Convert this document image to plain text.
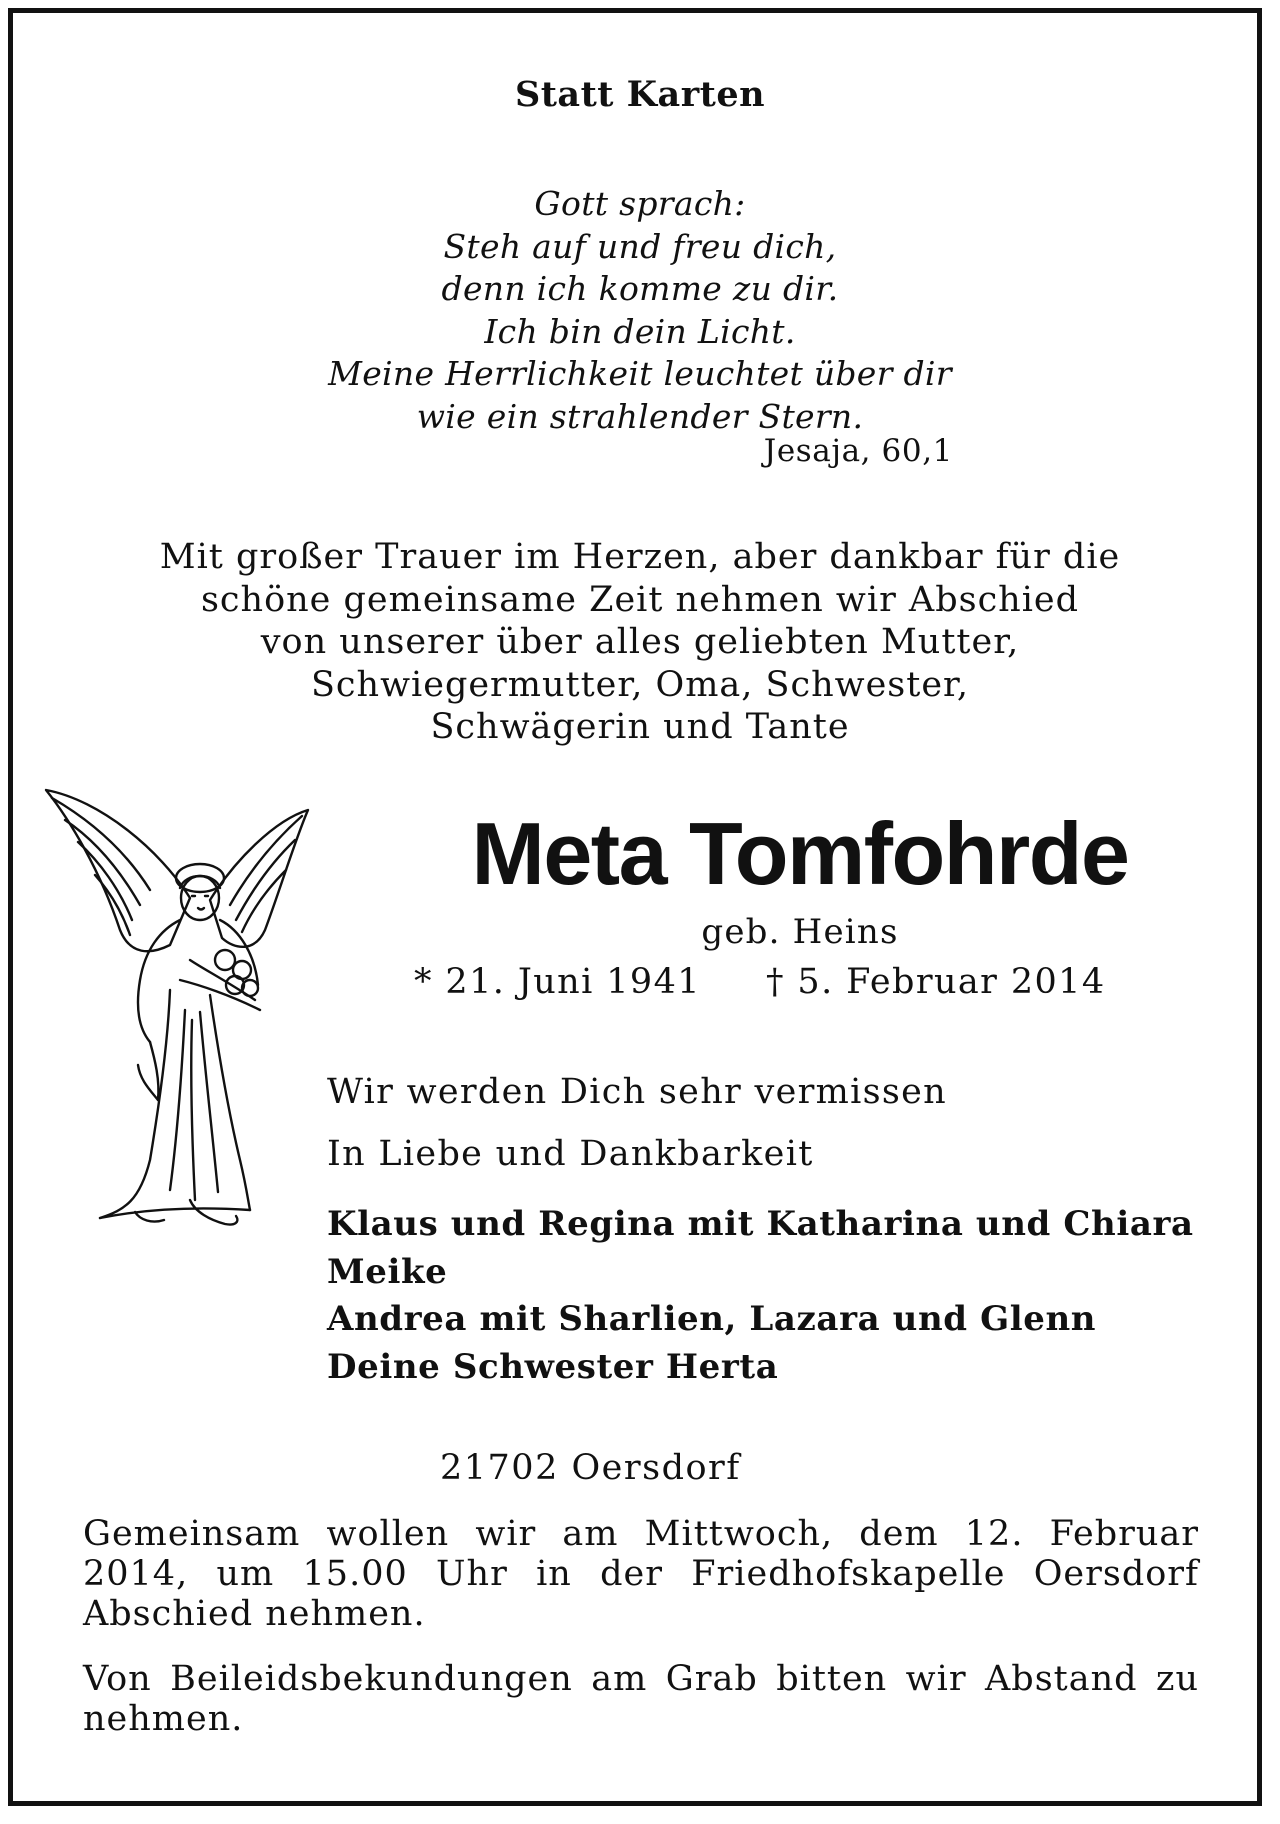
Statt Karten
Gott sprach:
Steh auf und freu dich,
denn ich komme zu dir.
Ich bin dein Licht.
Meine Herrlichkeit leuchtet über dir
wie ein strahlender Stern.
Jesaja, 60,1
Mit großer Trauer im Herzen, aber dankbar für die
schöne gemeinsame Zeit nehmen wir Abschied
von unserer über alles geliebten Mutter,
Schwiegermutter, Oma, Schwester,
Schwägerin und Tante
Meta Tomfohrde
geb. Heins
* 21. Juni 1941 † 5. Februar 2014
Wir werden Dich sehr vermissen
In Liebe und Dankbarkeit
Klaus und Regina mit Katharina und Chiara
Meike
Andrea mit Sharlien, Lazara und Glenn
Deine Schwester Herta
21702 Oersdorf

Gemeinsam wollen wir am Mittwoch, dem 12. Februar 2014, um 15.00 Uhr in der Friedhofskapelle Oersdorf Abschied nehmen.

Von Beileidsbekundungen am Grab bitten wir Abstand zu nehmen.
